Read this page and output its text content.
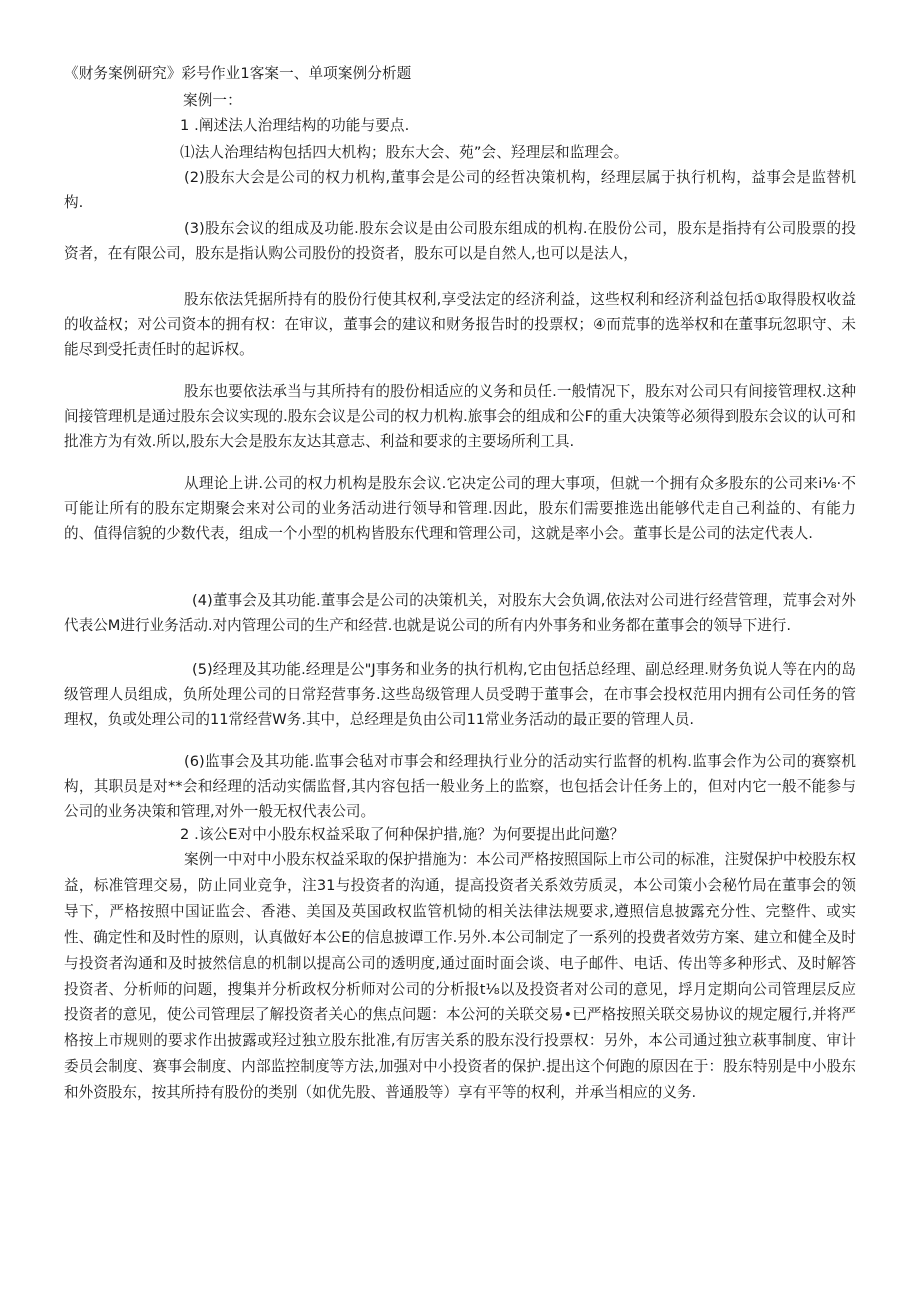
《财务案例研究》彩号作业1客案一、单项案例分析题
案例一：
1 .阐述法人治理结构的功能与要点.
⑴法人治理结构包括四大机构；股东大会、苑”会、羟理层和监理会。

(2)股东大会是公司的权力机构,董事会是公司的经哲决策机构，经理层属于执行机构，益事会是监替机构.

(3)股东会议的组成及功能.股东会议是由公司股东组成的机构.在股份公司，股东是指持有公司股票的投资者，在有限公司，股东是指认购公司股份的投资者，股东可以是自然人,也可以是法人，

股东依法凭据所持有的股份行使其权利,享受法定的经济利益，这些权利和经济利益包括①取得股权收益的收益权；对公司资本的拥有权：在审议，董事会的建议和财务报告时的投票权；④而荒事的选举权和在董事玩忽职守、未能尽到受托责任时的起诉权。

股东也要依法承当与其所持有的股份相适应的义务和员任.一般情况下，股东对公司只有间接管理权.这种间接管理机是通过股东会议实现的.股东会议是公司的权力机构.旅事会的组成和公F的重大决策等必须得到股东会议的认可和批准方为有效.所以,股东大会是股东友达其意志、利益和要求的主要场所利工具.

从理论上讲.公司的权力机构是股东会议.它决定公司的理大事项，但就一个拥有众多股东的公司来i⅛·不可能让所有的股东定期聚会来对公司的业务活动进行领导和管理.因此，股东们需要推选出能够代走自己利益的、有能力的、值得信貌的少数代表，组成一个小型的机构皆股东代理和管理公司，这就是率小会。董事长是公司的法定代表人.

(4)董事会及其功能.董事会是公司的决策机关，对股东大会负调,依法对公司进行经营管理，荒事会对外代表公M进行业务活动.对内管理公司的生产和经营.也就是说公司的所有内外事务和业务都在董事会的领导下进行.

(5)经理及其功能.经理是公"J事务和业务的执行机构,它由包括总经理、副总经理.财务负说人等在内的岛级管理人员组成，负所处理公司的日常羟营事务.这些岛级管理人员受聘于董事会，在市事会投权范用内拥有公司任务的管理权，负或处理公司的11常经营W务.其中，总经理是负由公司11常业务活动的最正要的管理人员.

(6)监事会及其功能.监事会毡对市事会和经理执行业分的活动实行监督的机构.监事会作为公司的赛察机构，其职员是对**会和经理的活动实儒监督,其内容包括一般业务上的监察，也包括会计任务上的，但对内它一般不能参与公司的业务决策和管理,对外一般无权代表公司。

2 .该公E对中小股东权益采取了何种保护措,施？为何要提出此问邀？

案例一中对中小股东权益采取的保护措施为：本公司严格按照国际上市公司的标准，注熨保护中校股东权益，标准管理交易，防止同业竞争，注31与投资者的沟通，提高投资者关系效劳质灵，本公司策小会秘竹局在董事会的领导下，严格按照中国证监会、香港、美国及英国政权监管机恸的相关法律法规要求,遵照信息披露充分性、完整件、或实性、确定性和及时性的原则，认真做好本公E的信息披谭工作.另外.本公司制定了一系列的投费者效劳方案、建立和健全及时与投资者沟通和及时披然信息的机制以提高公司的透明度,通过面时面会谈、电子邮件、电话、传出等多种形式、及时解答投资者、分析师的问题，搜集并分析政权分析师对公司的分析报t⅛以及投资者对公司的意见，垺月定期向公司管理层反应投资者的意见，使公司管理层了解投资者关心的焦点问题：本公河的关联交易•已严格按照关联交易协议的规定履行,并将严格按上市规则的要求作出披露或羟过独立股东批准,有厉害关系的股东没行投票权：另外，本公司通过独立萩事制度、审计委员会制度、赛事会制度、内部监控制度等方法,加强对中小投资者的保护.提出这个何跑的原因在于：股东特别是中小股东和外资股东，按其所持有股份的类别（如优先股、普通股等）享有平等的权利，并承当相应的义务.
